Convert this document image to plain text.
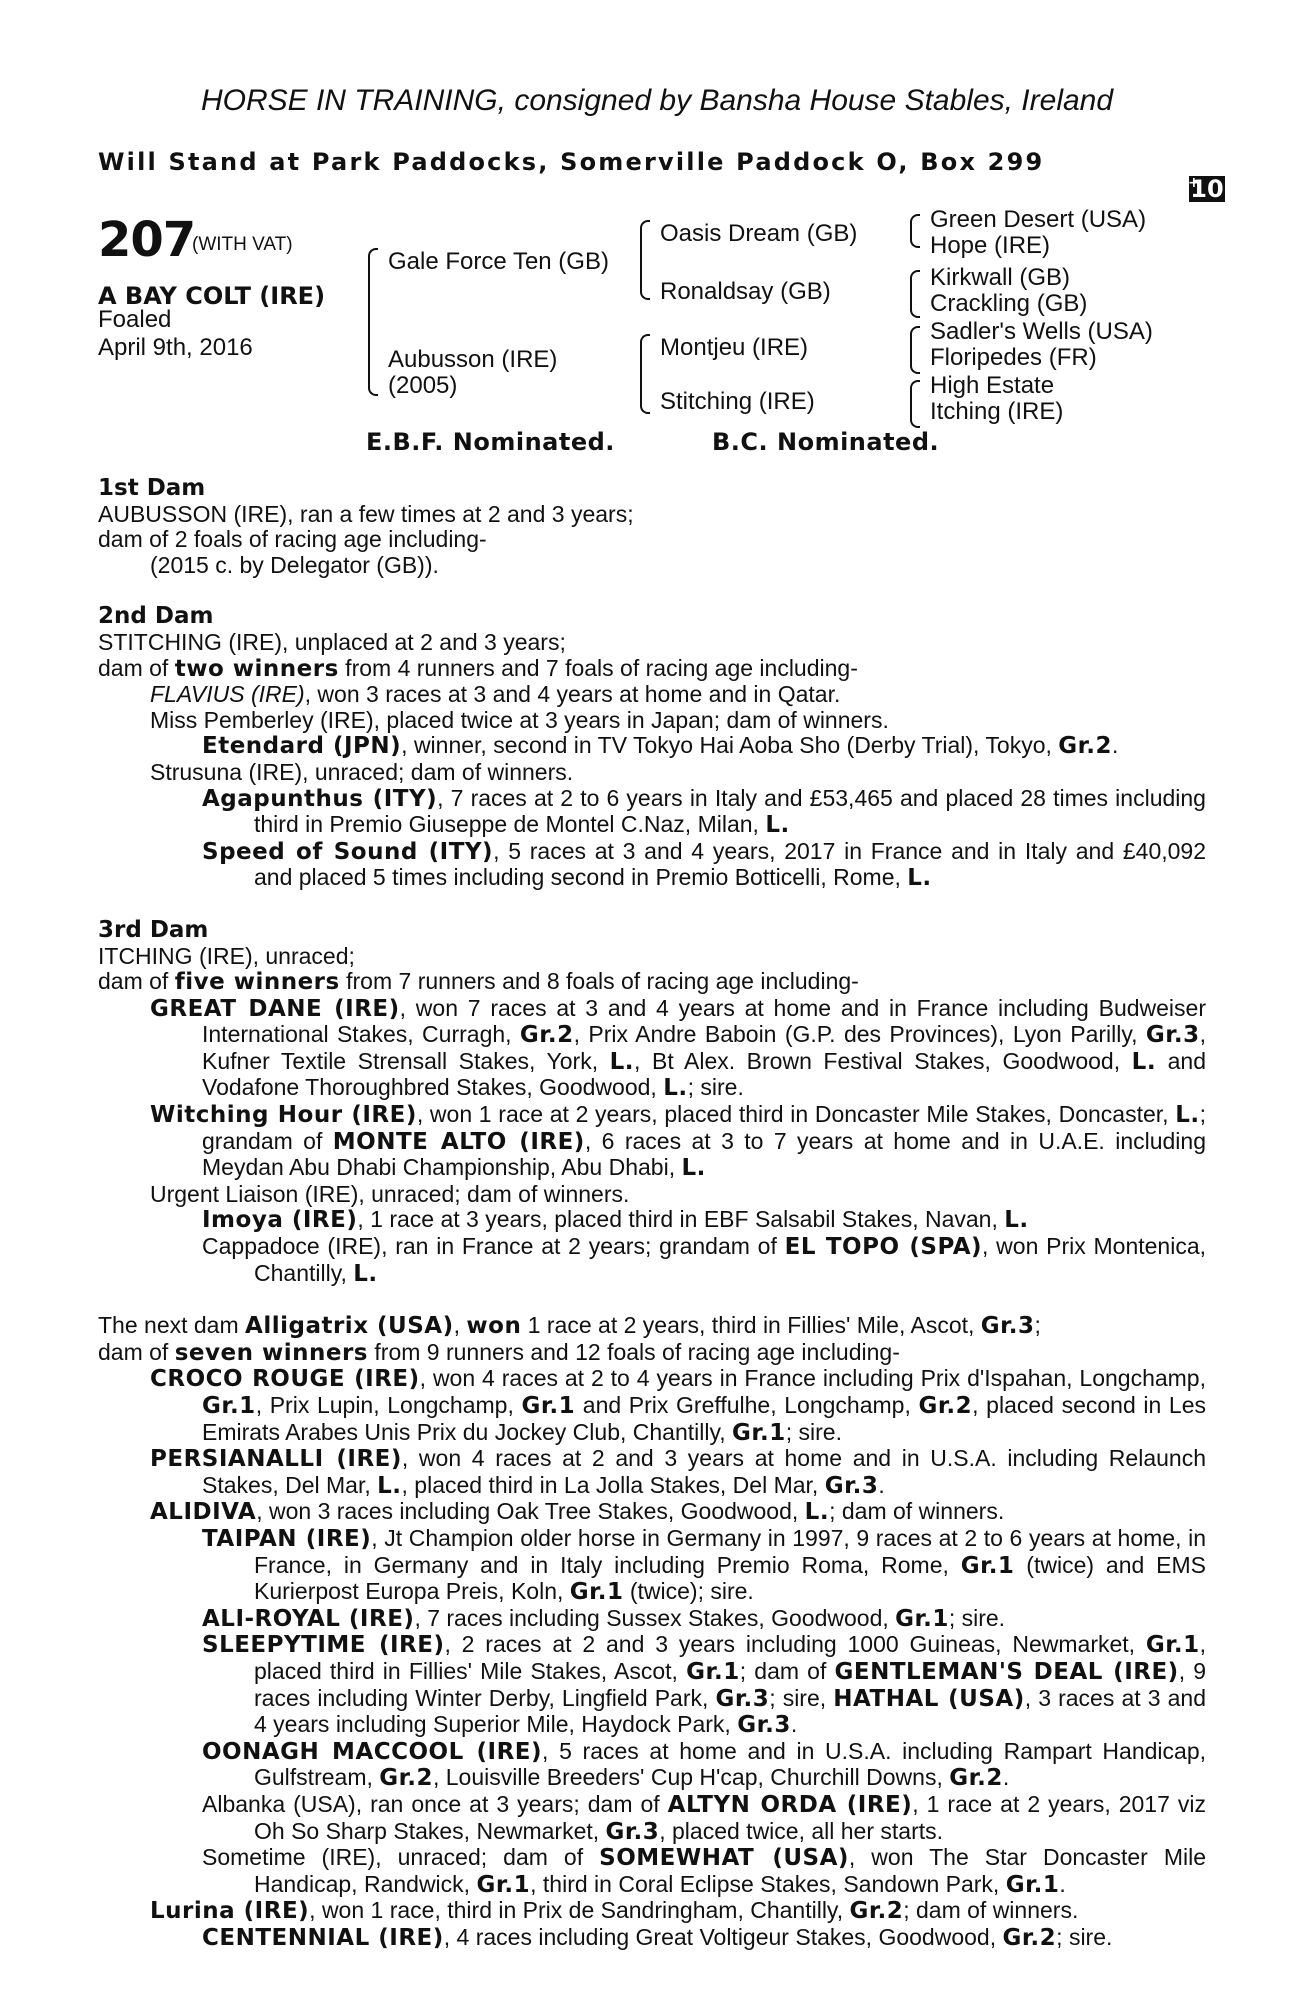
HORSE IN TRAINING, consigned by Bansha House Stables, Ireland
Will Stand at Park Paddocks, Somerville Paddock O, Box 299
+ 10
207
(WITH VAT)
A BAY COLT (IRE)
Foaled
April 9th, 2016
Gale Force Ten (GB)
Aubusson (IRE)
(2005)
Oasis Dream (GB)
Ronaldsay (GB)
Montjeu (IRE)
Stitching (IRE)
Green Desert (USA)
Hope (IRE)
Kirkwall (GB)
Crackling (GB)
Sadler's Wells (USA)
Floripedes (FR)
High Estate
Itching (IRE)
E.B.F. Nominated.	B.C. Nominated.

1st Dam

AUBUSSON (IRE), ran a few times at 2 and 3 years;

dam of 2 foals of racing age including-

(2015 c. by Delegator (GB)).

2nd Dam

STITCHING (IRE), unplaced at 2 and 3 years;

dam of two winners from 4 runners and 7 foals of racing age including-

FLAVIUS (IRE), won 3 races at 3 and 4 years at home and in Qatar.

Miss Pemberley (IRE), placed twice at 3 years in Japan; dam of winners.

Etendard (JPN), winner, second in TV Tokyo Hai Aoba Sho (Derby Trial), Tokyo, Gr.2.

Strusuna (IRE), unraced; dam of winners.

Agapunthus (ITY), 7 races at 2 to 6 years in Italy and £53,465 and placed 28 times including third in Premio Giuseppe de Montel C.Naz, Milan, L.

Speed of Sound (ITY), 5 races at 3 and 4 years, 2017 in France and in Italy and £40,092 and placed 5 times including second in Premio Botticelli, Rome, L.

3rd Dam

ITCHING (IRE), unraced;

dam of five winners from 7 runners and 8 foals of racing age including-

GREAT DANE (IRE), won 7 races at 3 and 4 years at home and in France including Budweiser International Stakes, Curragh, Gr.2, Prix Andre Baboin (G.P. des Provinces), Lyon Parilly, Gr.3, Kufner Textile Strensall Stakes, York, L., Bt Alex. Brown Festival Stakes, Goodwood, L. and Vodafone Thoroughbred Stakes, Goodwood, L.; sire.

Witching Hour (IRE), won 1 race at 2 years, placed third in Doncaster Mile Stakes, Doncaster, L.; grandam of MONTE ALTO (IRE), 6 races at 3 to 7 years at home and in U.A.E. including Meydan Abu Dhabi Championship, Abu Dhabi, L.

Urgent Liaison (IRE), unraced; dam of winners.

Imoya (IRE), 1 race at 3 years, placed third in EBF Salsabil Stakes, Navan, L.

Cappadoce (IRE), ran in France at 2 years; grandam of EL TOPO (SPA), won Prix Montenica, Chantilly, L.

The next dam Alligatrix (USA), won 1 race at 2 years, third in Fillies' Mile, Ascot, Gr.3;

dam of seven winners from 9 runners and 12 foals of racing age including-

CROCO ROUGE (IRE), won 4 races at 2 to 4 years in France including Prix d'Ispahan, Longchamp, Gr.1, Prix Lupin, Longchamp, Gr.1 and Prix Greffulhe, Longchamp, Gr.2, placed second in Les Emirats Arabes Unis Prix du Jockey Club, Chantilly, Gr.1; sire.

PERSIANALLI (IRE), won 4 races at 2 and 3 years at home and in U.S.A. including Relaunch Stakes, Del Mar, L., placed third in La Jolla Stakes, Del Mar, Gr.3.

ALIDIVA, won 3 races including Oak Tree Stakes, Goodwood, L.; dam of winners.

TAIPAN (IRE), Jt Champion older horse in Germany in 1997, 9 races at 2 to 6 years at home, in France, in Germany and in Italy including Premio Roma, Rome, Gr.1 (twice) and EMS Kurierpost Europa Preis, Koln, Gr.1 (twice); sire.

ALI-ROYAL (IRE), 7 races including Sussex Stakes, Goodwood, Gr.1; sire.

SLEEPYTIME (IRE), 2 races at 2 and 3 years including 1000 Guineas, Newmarket, Gr.1, placed third in Fillies' Mile Stakes, Ascot, Gr.1; dam of GENTLEMAN'S DEAL (IRE), 9 races including Winter Derby, Lingfield Park, Gr.3; sire, HATHAL (USA), 3 races at 3 and 4 years including Superior Mile, Haydock Park, Gr.3.

OONAGH MACCOOL (IRE), 5 races at home and in U.S.A. including Rampart Handicap, Gulfstream, Gr.2, Louisville Breeders' Cup H'cap, Churchill Downs, Gr.2.

Albanka (USA), ran once at 3 years; dam of ALTYN ORDA (IRE), 1 race at 2 years, 2017 viz Oh So Sharp Stakes, Newmarket, Gr.3, placed twice, all her starts.

Sometime (IRE), unraced; dam of SOMEWHAT (USA), won The Star Doncaster Mile Handicap, Randwick, Gr.1, third in Coral Eclipse Stakes, Sandown Park, Gr.1.

Lurina (IRE), won 1 race, third in Prix de Sandringham, Chantilly, Gr.2; dam of winners.

CENTENNIAL (IRE), 4 races including Great Voltigeur Stakes, Goodwood, Gr.2; sire.
